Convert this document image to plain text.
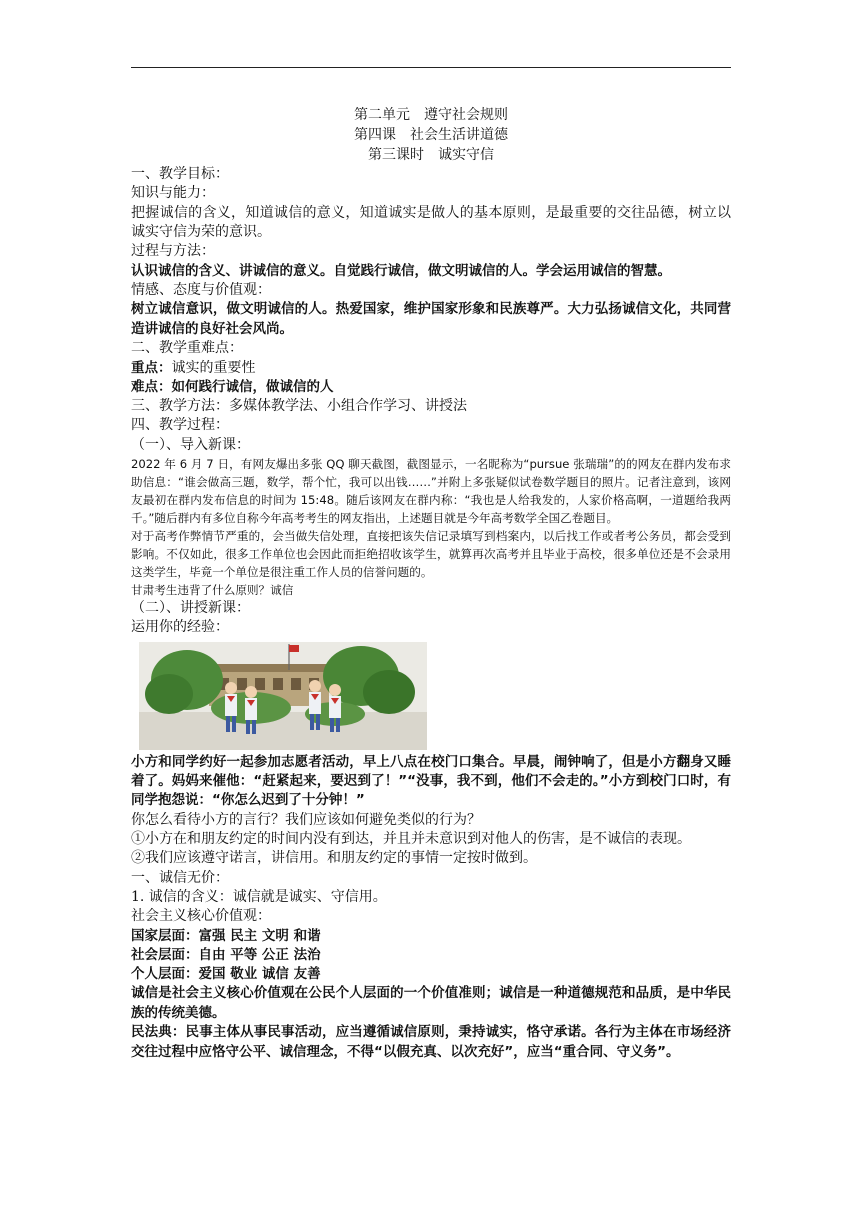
第二单元　遵守社会规则

第四课　社会生活讲道德

第三课时　诚实守信

一、教学目标：

知识与能力：

把握诚信的含义，知道诚信的意义，知道诚实是做人的基本原则，是最重要的交往品德，树立以诚实守信为荣的意识。

过程与方法：

认识诚信的含义、讲诚信的意义。自觉践行诚信，做文明诚信的人。学会运用诚信的智慧。

情感、态度与价值观：

树立诚信意识，做文明诚信的人。热爱国家，维护国家形象和民族尊严。大力弘扬诚信文化，共同营造讲诚信的良好社会风尚。

二、教学重难点：

重点：诚实的重要性

难点：如何践行诚信，做诚信的人

三、教学方法：多媒体教学法、小组合作学习、讲授法

四、教学过程：

（一）、导入新课：

2022 年 6 月 7 日，有网友爆出多张 QQ 聊天截图，截图显示，一名昵称为“pursue 张瑞瑞”的的网友在群内发布求助信息：“谁会做高三题，数学，帮个忙，我可以出钱……”并附上多张疑似试卷数学题目的照片。记者注意到，该网友最初在群内发布信息的时间为 15:48。随后该网友在群内称：“我也是人给我发的，人家价格高啊，一道题给我两千。”随后群内有多位自称今年高考考生的网友指出，上述题目就是今年高考数学全国乙卷题目。

对于高考作弊情节严重的，会当做失信处理，直接把该失信记录填写到档案内，以后找工作或者考公务员，都会受到影响。不仅如此，很多工作单位也会因此而拒绝招收该学生，就算再次高考并且毕业于高校，很多单位还是不会录用这类学生，毕竟一个单位是很注重工作人员的信誉问题的。

甘肃考生违背了什么原则？诚信

（二）、讲授新课：

运用你的经验：

小方和同学约好一起参加志愿者活动，早上八点在校门口集合。早晨，闹钟响了，但是小方翻身又睡着了。妈妈来催他：“赶紧起来，要迟到了！”“没事，我不到，他们不会走的。”小方到校门口时，有同学抱怨说：“你怎么迟到了十分钟！”

你怎么看待小方的言行？我们应该如何避免类似的行为？

①小方在和朋友约定的时间内没有到达，并且并未意识到对他人的伤害，是不诚信的表现。

②我们应该遵守诺言，讲信用。和朋友约定的事情一定按时做到。

一、诚信无价：

1. 诚信的含义：诚信就是诚实、守信用。

社会主义核心价值观：

国家层面：富强 民主 文明 和谐

社会层面：自由 平等 公正 法治

个人层面：爱国 敬业 诚信 友善

诚信是社会主义核心价值观在公民个人层面的一个价值准则；诚信是一种道德规范和品质，是中华民族的传统美德。

民法典：民事主体从事民事活动，应当遵循诚信原则，秉持诚实，恪守承诺。各行为主体在市场经济交往过程中应恪守公平、诚信理念，不得“以假充真、以次充好”，应当“重合同、守义务”。
